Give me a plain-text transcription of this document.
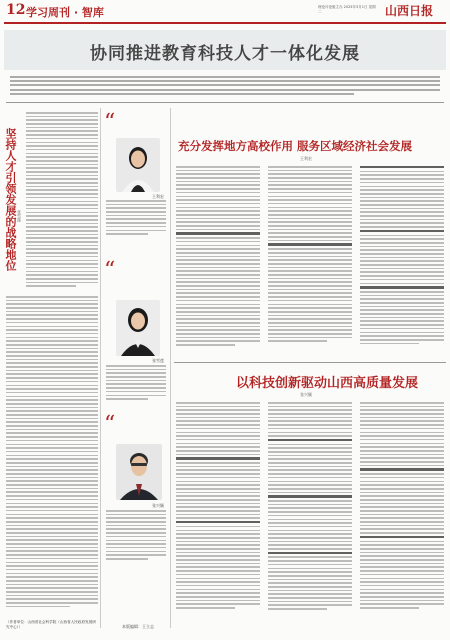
12 学习周刊 · 智库	理论评论版主办 2025年3月1日 星期二	山西日报
协同推进教育科技人才一体化发展
坚持人才引领发展的战略地位 张雪莲
（作者单位：山西省社会科学院（山西省人民政府发展研究中心））
“
王利宏
“
张雪莲
“
张兴颖
本版编辑：王立志
充分发挥地方高校作用 服务区域经济社会发展
王利宏
以科技创新驱动山西高质量发展
张兴颖
